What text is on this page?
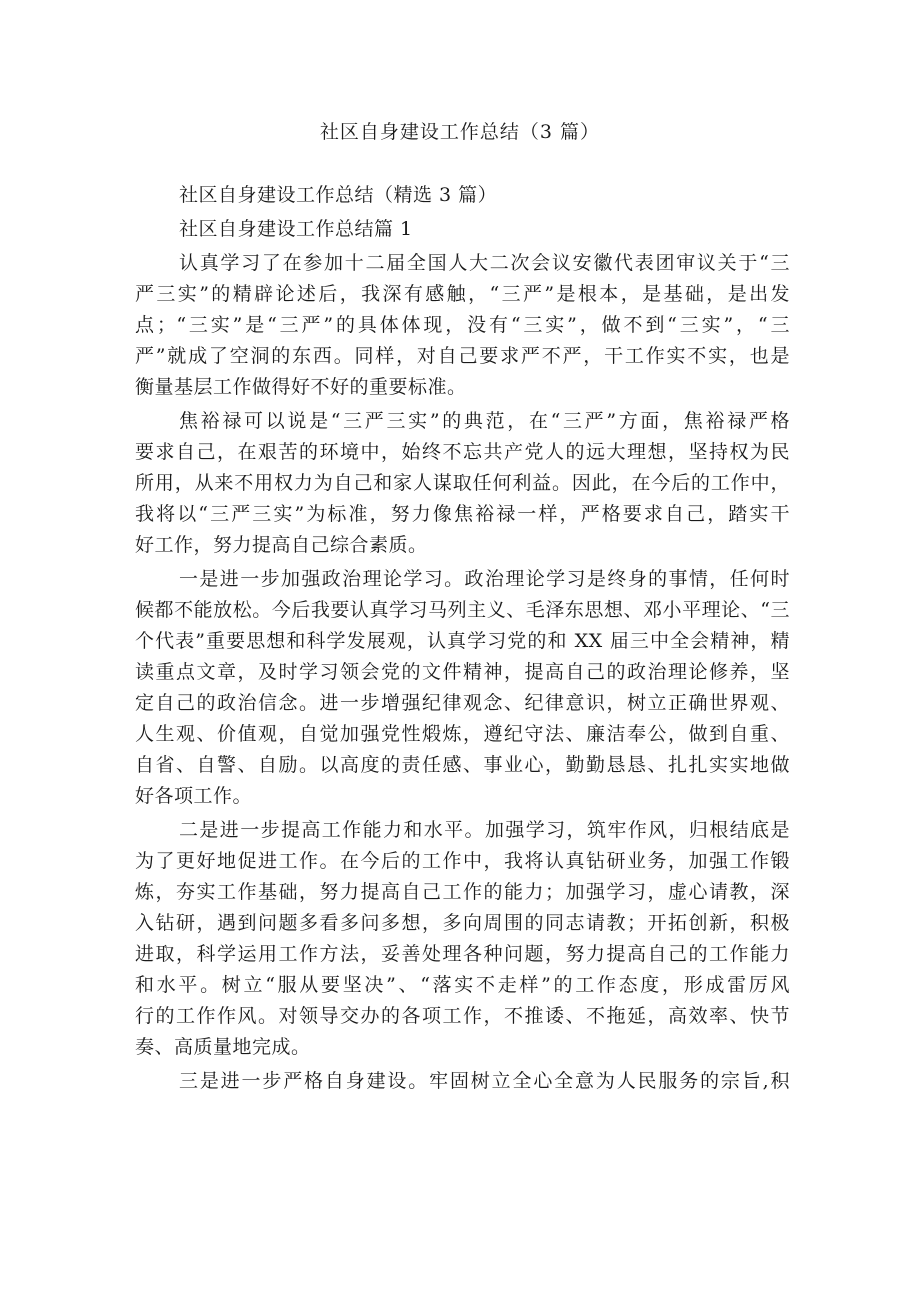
社区自身建设工作总结（3 篇）
社区自身建设工作总结（精选 3 篇）
社区自身建设工作总结篇 1
认真学习了在参加十二届全国人大二次会议安徽代表团审议关于“三
严三实”的精辟论述后，我深有感触，“三严”是根本，是基础，是出发
点；“三实”是“三严”的具体体现，没有“三实”，做不到“三实”，“三
严”就成了空洞的东西。同样，对自己要求严不严，干工作实不实，也是
衡量基层工作做得好不好的重要标准。
焦裕禄可以说是“三严三实”的典范，在“三严”方面，焦裕禄严格
要求自己，在艰苦的环境中，始终不忘共产党人的远大理想，坚持权为民
所用，从来不用权力为自己和家人谋取任何利益。因此，在今后的工作中，
我将以“三严三实”为标准，努力像焦裕禄一样，严格要求自己，踏实干
好工作，努力提高自己综合素质。
一是进一步加强政治理论学习。政治理论学习是终身的事情，任何时
候都不能放松。今后我要认真学习马列主义、毛泽东思想、邓小平理论、“三
个代表”重要思想和科学发展观，认真学习党的和 XX 届三中全会精神，精
读重点文章，及时学习领会党的文件精神，提高自己的政治理论修养，坚
定自己的政治信念。进一步增强纪律观念、纪律意识，树立正确世界观、
人生观、价值观，自觉加强党性煅炼，遵纪守法、廉洁奉公，做到自重、
自省、自警、自励。以高度的责任感、事业心，勤勤恳恳、扎扎实实地做
好各项工作。
二是进一步提高工作能力和水平。加强学习，筑牢作风，归根结底是
为了更好地促进工作。在今后的工作中，我将认真钻研业务，加强工作锻
炼，夯实工作基础，努力提高自己工作的能力；加强学习，虚心请教，深
入钻研，遇到问题多看多问多想，多向周围的同志请教；开拓创新，积极
进取，科学运用工作方法，妥善处理各种问题，努力提高自己的工作能力
和水平。树立“服从要坚决”、“落实不走样”的工作态度，形成雷厉风
行的工作作风。对领导交办的各项工作，不推诿、不拖延，高效率、快节
奏、高质量地完成。
三是进一步严格自身建设。牢固树立全心全意为人民服务的宗旨,积
